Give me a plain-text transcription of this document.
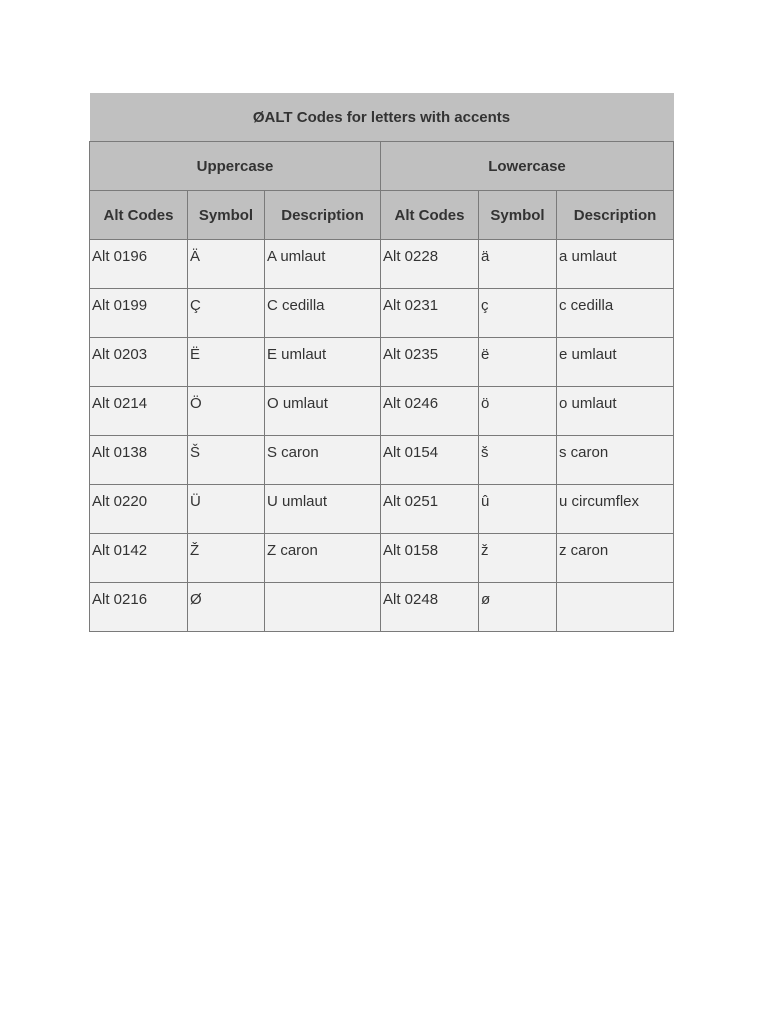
ØALT Codes for letters with accents					
Uppercase			Lowercase		
Alt Codes	Symbol	Description	Alt Codes	Symbol	Description
Alt 0196	Ä	A umlaut	Alt 0228	ä	a umlaut
Alt 0199	Ç	C cedilla	Alt 0231	ç	c cedilla
Alt 0203	Ë	E umlaut	Alt 0235	ë	e umlaut
Alt 0214	Ö	O umlaut	Alt 0246	ö	o umlaut
Alt 0138	Š	S caron	Alt 0154	š	s caron
Alt 0220	Ü	U umlaut	Alt 0251	û	u circumflex
Alt 0142	Ž	Z caron	Alt 0158	ž	z caron
Alt 0216	Ø		Alt 0248	ø	
